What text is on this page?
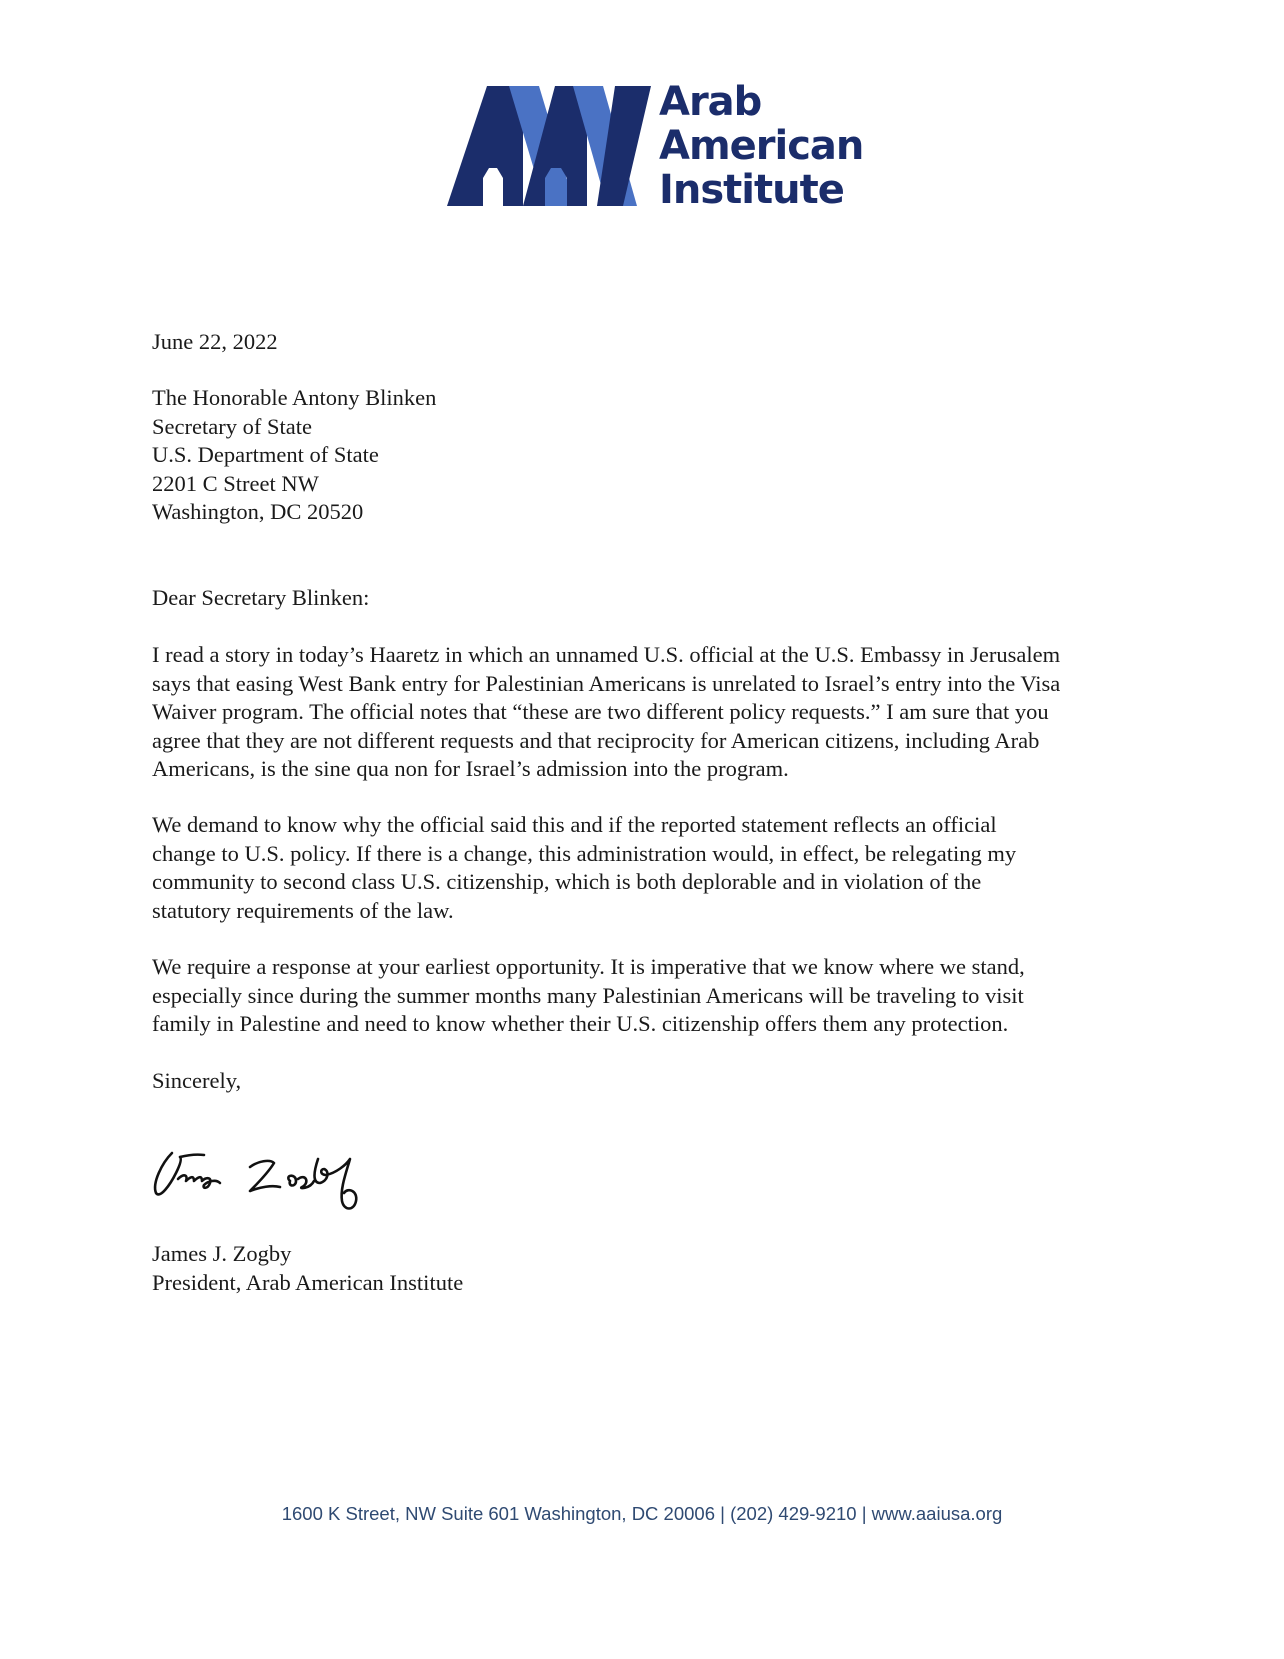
Arab
American
Institute

June 22, 2022

The Honorable Antony Blinken

Secretary of State

U.S. Department of State

2201 C Street NW

Washington, DC 20520

Dear Secretary Blinken:

I read a story in today’s Haaretz in which an unnamed U.S. official at the U.S. Embassy in Jerusalem

says that easing West Bank entry for Palestinian Americans is unrelated to Israel’s entry into the Visa

Waiver program. The official notes that “these are two different policy requests.” I am sure that you

agree that they are not different requests and that reciprocity for American citizens, including Arab

Americans, is the sine qua non for Israel’s admission into the program.

We demand to know why the official said this and if the reported statement reflects an official

change to U.S. policy. If there is a change, this administration would, in effect, be relegating my

community to second class U.S. citizenship, which is both deplorable and in violation of the

statutory requirements of the law.

We require a response at your earliest opportunity. It is imperative that we know where we stand,

especially since during the summer months many Palestinian Americans will be traveling to visit

family in Palestine and need to know whether their U.S. citizenship offers them any protection.

Sincerely,

James J. Zogby

President, Arab American Institute

1600 K Street, NW Suite 601 Washington, DC 20006 | (202) 429-9210 | www.aaiusa.org
